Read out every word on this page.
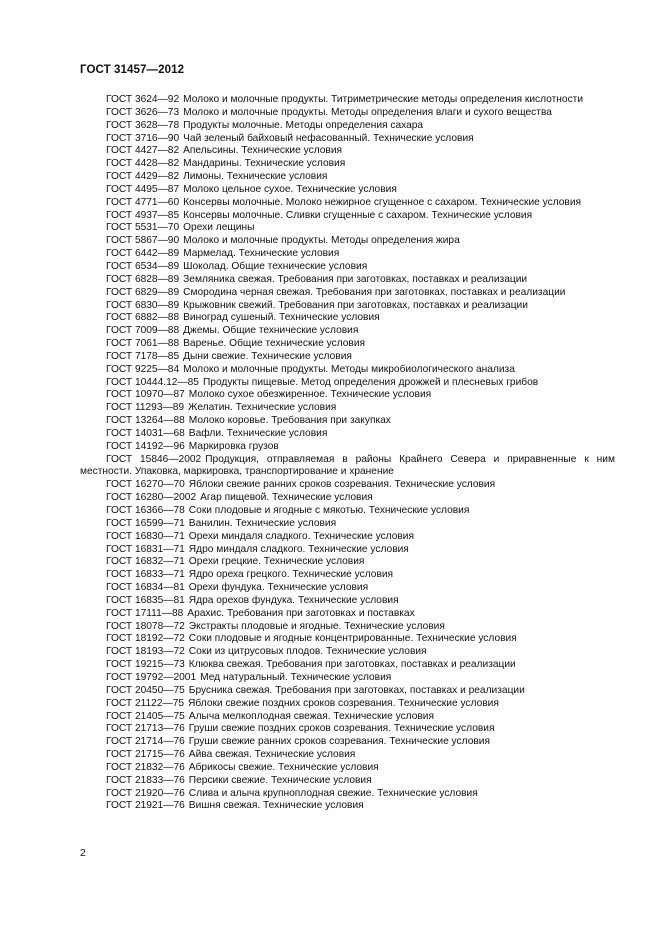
ГОСТ 31457—2012

ГОСТ 3624—92 Молоко и молочные продукты. Титриметрические методы определения кислотности

ГОСТ 3626—73 Молоко и молочные продукты. Методы определения влаги и сухого вещества

ГОСТ 3628—78 Продукты молочные. Методы определения сахара

ГОСТ 3716—90 Чай зеленый байховый нефасованный. Технические условия

ГОСТ 4427—82 Апельсины. Технические условия

ГОСТ 4428—82 Мандарины. Технические условия

ГОСТ 4429—82 Лимоны. Технические условия

ГОСТ 4495—87 Молоко цельное сухое. Технические условия

ГОСТ 4771—60 Консервы молочные. Молоко нежирное сгущенное с сахаром. Технические условия

ГОСТ 4937—85 Консервы молочные. Сливки сгущенные с сахаром. Технические условия

ГОСТ 5531—70 Орехи лещины

ГОСТ 5867—90 Молоко и молочные продукты. Методы определения жира

ГОСТ 6442—89 Мармелад. Технические условия

ГОСТ 6534—89 Шоколад. Общие технические условия

ГОСТ 6828—89 Земляника свежая. Требования при заготовках, поставках и реализации

ГОСТ 6829—89 Смородина черная свежая. Требования при заготовках, поставках и реализации

ГОСТ 6830—89 Крыжовник свежий. Требования при заготовках, поставках и реализации

ГОСТ 6882—88 Виноград сушеный. Технические условия

ГОСТ 7009—88 Джемы. Общие технические условия

ГОСТ 7061—88 Варенье. Общие технические условия

ГОСТ 7178—85 Дыни свежие. Технические условия

ГОСТ 9225—84 Молоко и молочные продукты. Методы микробиологического анализа

ГОСТ 10444.12—85 Продукты пищевые. Метод определения дрожжей и плесневых грибов

ГОСТ 10970—87 Молоко сухое обезжиренное. Технические условия

ГОСТ 11293—89 Желатин. Технические условия

ГОСТ 13264—88 Молоко коровье. Требования при закупках

ГОСТ 14031—68 Вафли. Технические условия

ГОСТ 14192—96 Маркировка грузов

ГОСТ 15846—2002 Продукция, отправляемая в районы Крайнего Севера и приравненные к ним местности. Упаковка, маркировка, транспортирование и хранение

ГОСТ 16270—70 Яблоки свежие ранних сроков созревания. Технические условия

ГОСТ 16280—2002 Агар пищевой. Технические условия

ГОСТ 16366—78 Соки плодовые и ягодные с мякотью. Технические условия

ГОСТ 16599—71 Ванилин. Технические условия

ГОСТ 16830—71 Орехи миндаля сладкого. Технические условия

ГОСТ 16831—71 Ядро миндаля сладкого. Технические условия

ГОСТ 16832—71 Орехи грецкие. Технические условия

ГОСТ 16833—71 Ядро ореха грецкого. Технические условия

ГОСТ 16834—81 Орехи фундука. Технические условия

ГОСТ 16835—81 Ядра орехов фундука. Технические условия

ГОСТ 17111—88 Арахис. Требования при заготовках и поставках

ГОСТ 18078—72 Экстракты плодовые и ягодные. Технические условия

ГОСТ 18192—72 Соки плодовые и ягодные концентрированные. Технические условия

ГОСТ 18193—72 Соки из цитрусовых плодов. Технические условия

ГОСТ 19215—73 Клюква свежая. Требования при заготовках, поставках и реализации

ГОСТ 19792—2001 Мед натуральный. Технические условия

ГОСТ 20450—75 Брусника свежая. Требования при заготовках, поставках и реализации

ГОСТ 21122—75 Яблоки свежие поздних сроков созревания. Технические условия

ГОСТ 21405—75 Алыча мелкоплодная свежая. Технические условия

ГОСТ 21713—76 Груши свежие поздних сроков созревания. Технические условия

ГОСТ 21714—76 Груши свежие ранних сроков созревания. Технические условия

ГОСТ 21715—76 Айва свежая. Технические условия

ГОСТ 21832—76 Абрикосы свежие. Технические условия

ГОСТ 21833—76 Персики свежие. Технические условия

ГОСТ 21920—76 Слива и алыча крупноплодная свежие. Технические условия

ГОСТ 21921—76 Вишня свежая. Технические условия

2
